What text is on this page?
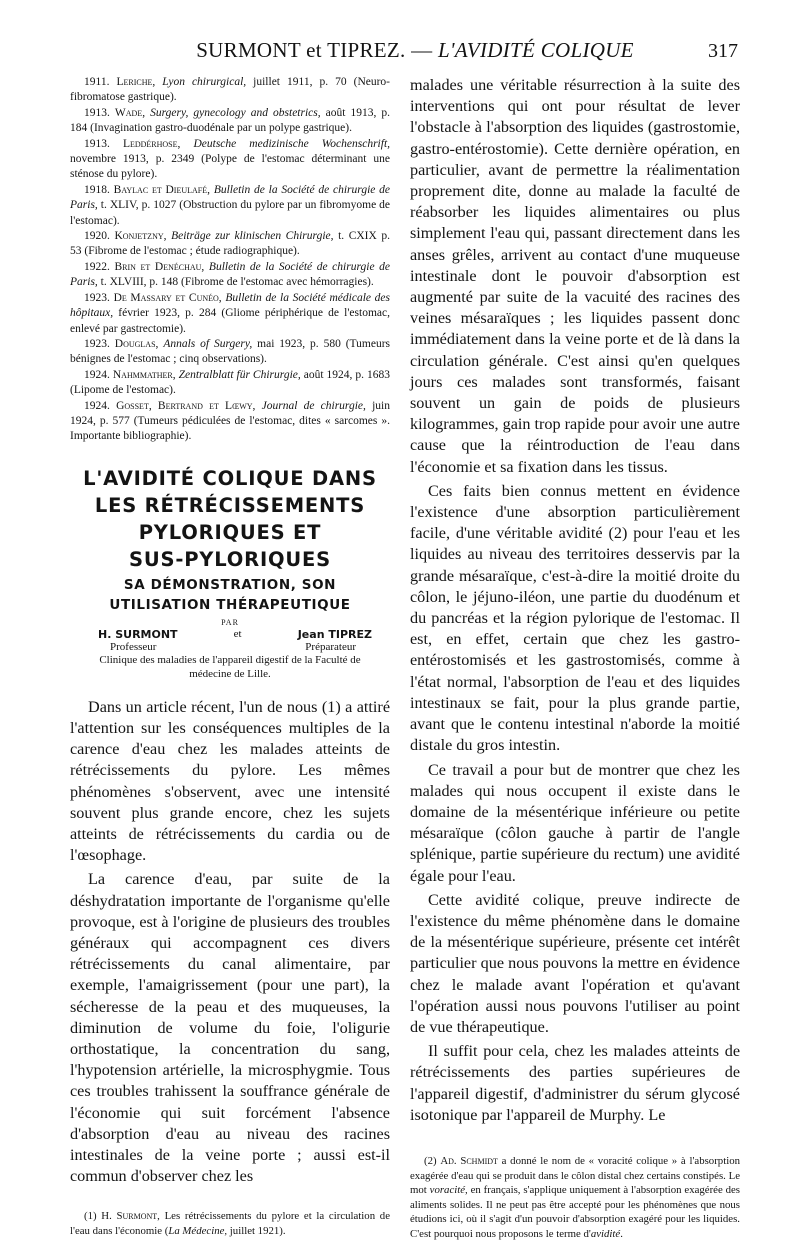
SURMONT et TIPREZ. — L'AVIDITÉ COLIQUE	317

1911. Leriche, Lyon chirurgical, juillet 1911, p. 70 (Neuro-fibromatose gastrique).

1913. Wade, Surgery, gynecology and obstetrics, août 1913, p. 184 (Invagination gastro-duodénale par un polype gastrique).

1913. Leddérhose, Deutsche medizinische Wochenschrift, novembre 1913, p. 2349 (Polype de l'estomac déterminant une sténose du pylore).

1918. Baylac et Dieulafé, Bulletin de la Société de chirurgie de Paris, t. XLIV, p. 1027 (Obstruction du pylore par un fibromyome de l'estomac).

1920. Konjetzny, Beiträge zur klinischen Chirurgie, t. CXIX p. 53 (Fibrome de l'estomac ; étude radiographique).

1922. Brin et Denéchau, Bulletin de la Société de chirurgie de Paris, t. XLVIII, p. 148 (Fibrome de l'estomac avec hémorragies).

1923. De Massary et Cunéo, Bulletin de la Société médicale des hôpitaux, février 1923, p. 284 (Gliome périphérique de l'estomac, enlevé par gastrectomie).

1923. Douglas, Annals of Surgery, mai 1923, p. 580 (Tumeurs bénignes de l'estomac ; cinq observations).

1924. Nahmmather, Zentralblatt für Chirurgie, août 1924, p. 1683 (Lipome de l'estomac).

1924. Gosset, Bertrand et Lœwy, Journal de chirurgie, juin 1924, p. 577 (Tumeurs pédiculées de l'estomac, dites « sarcomes ». Importante bibliographie).

L'AVIDITÉ COLIQUE DANS
LES RÉTRÉCISSEMENTS
PYLORIQUES ET
SUS-PYLORIQUES
SA DÉMONSTRATION, SON
UTILISATION THÉRAPEUTIQUE
PAR
H. SURMONT	et	Jean TIPREZ
Professeur	Préparateur
Clinique des maladies de l'appareil digestif de la Faculté de médecine de Lille.

Dans un article récent, l'un de nous (1) a attiré l'attention sur les conséquences multiples de la carence d'eau chez les malades atteints de rétrécissements du pylore. Les mêmes phénomènes s'observent, avec une intensité souvent plus grande encore, chez les sujets atteints de rétrécissements du cardia ou de l'œsophage.

La carence d'eau, par suite de la déshydratation importante de l'organisme qu'elle provoque, est à l'origine de plusieurs des troubles généraux qui accompagnent ces divers rétrécissements du canal alimentaire, par exemple, l'amaigrissement (pour une part), la sécheresse de la peau et des muqueuses, la diminution de volume du foie, l'oligurie orthostatique, la concentration du sang, l'hypotension artérielle, la microsphygmie. Tous ces troubles trahissent la souffrance générale de l'économie qui suit forcément l'absence d'absorption d'eau au niveau des racines intestinales de la veine porte ; aussi est-il commun d'observer chez les

(1) H. Surmont, Les rétrécissements du pylore et la circulation de l'eau dans l'économie (La Médecine, juillet 1921).

malades une véritable résurrection à la suite des interventions qui ont pour résultat de lever l'obstacle à l'absorption des liquides (gastrostomie, gastro-entérostomie). Cette dernière opération, en particulier, avant de permettre la réalimentation proprement dite, donne au malade la faculté de réabsorber les liquides alimentaires ou plus simplement l'eau qui, passant directement dans les anses grêles, arrivent au contact d'une muqueuse intestinale dont le pouvoir d'absorption est augmenté par suite de la vacuité des racines des veines mésaraïques ; les liquides passent donc immédiatement dans la veine porte et de là dans la circulation générale. C'est ainsi qu'en quelques jours ces malades sont transformés, faisant souvent un gain de poids de plusieurs kilogrammes, gain trop rapide pour avoir une autre cause que la réintroduction de l'eau dans l'économie et sa fixation dans les tissus.

Ces faits bien connus mettent en évidence l'existence d'une absorption particulièrement facile, d'une véritable avidité (2) pour l'eau et les liquides au niveau des territoires desservis par la grande mésaraïque, c'est-à-dire la moitié droite du côlon, le jéjuno-iléon, une partie du duodénum et du pancréas et la région pylorique de l'estomac. Il est, en effet, certain que chez les gastro-entérostomisés et les gastrostomisés, comme à l'état normal, l'absorption de l'eau et des liquides intestinaux se fait, pour la plus grande partie, avant que le contenu intestinal n'aborde la moitié distale du gros intestin.

Ce travail a pour but de montrer que chez les malades qui nous occupent il existe dans le domaine de la mésentérique inférieure ou petite mésaraïque (côlon gauche à partir de l'angle splénique, partie supérieure du rectum) une avidité égale pour l'eau.

Cette avidité colique, preuve indirecte de l'existence du même phénomène dans le domaine de la mésentérique supérieure, présente cet intérêt particulier que nous pouvons la mettre en évidence chez le malade avant l'opération et qu'avant l'opération aussi nous pouvons l'utiliser au point de vue thérapeutique.

Il suffit pour cela, chez les malades atteints de rétrécissements des parties supérieures de l'appareil digestif, d'administrer du sérum glycosé isotonique par l'appareil de Murphy. Le

(2) Ad. Schmidt a donné le nom de « voracité colique » à l'absorption exagérée d'eau qui se produit dans le côlon distal chez certains constipés. Le mot voracité, en français, s'applique uniquement à l'absorption exagérée des aliments solides. Il ne peut pas être accepté pour les phénomènes que nous étudions ici, où il s'agit d'un pouvoir d'absorption exagéré pour les liquides. C'est pourquoi nous proposons le terme d'avidité.
